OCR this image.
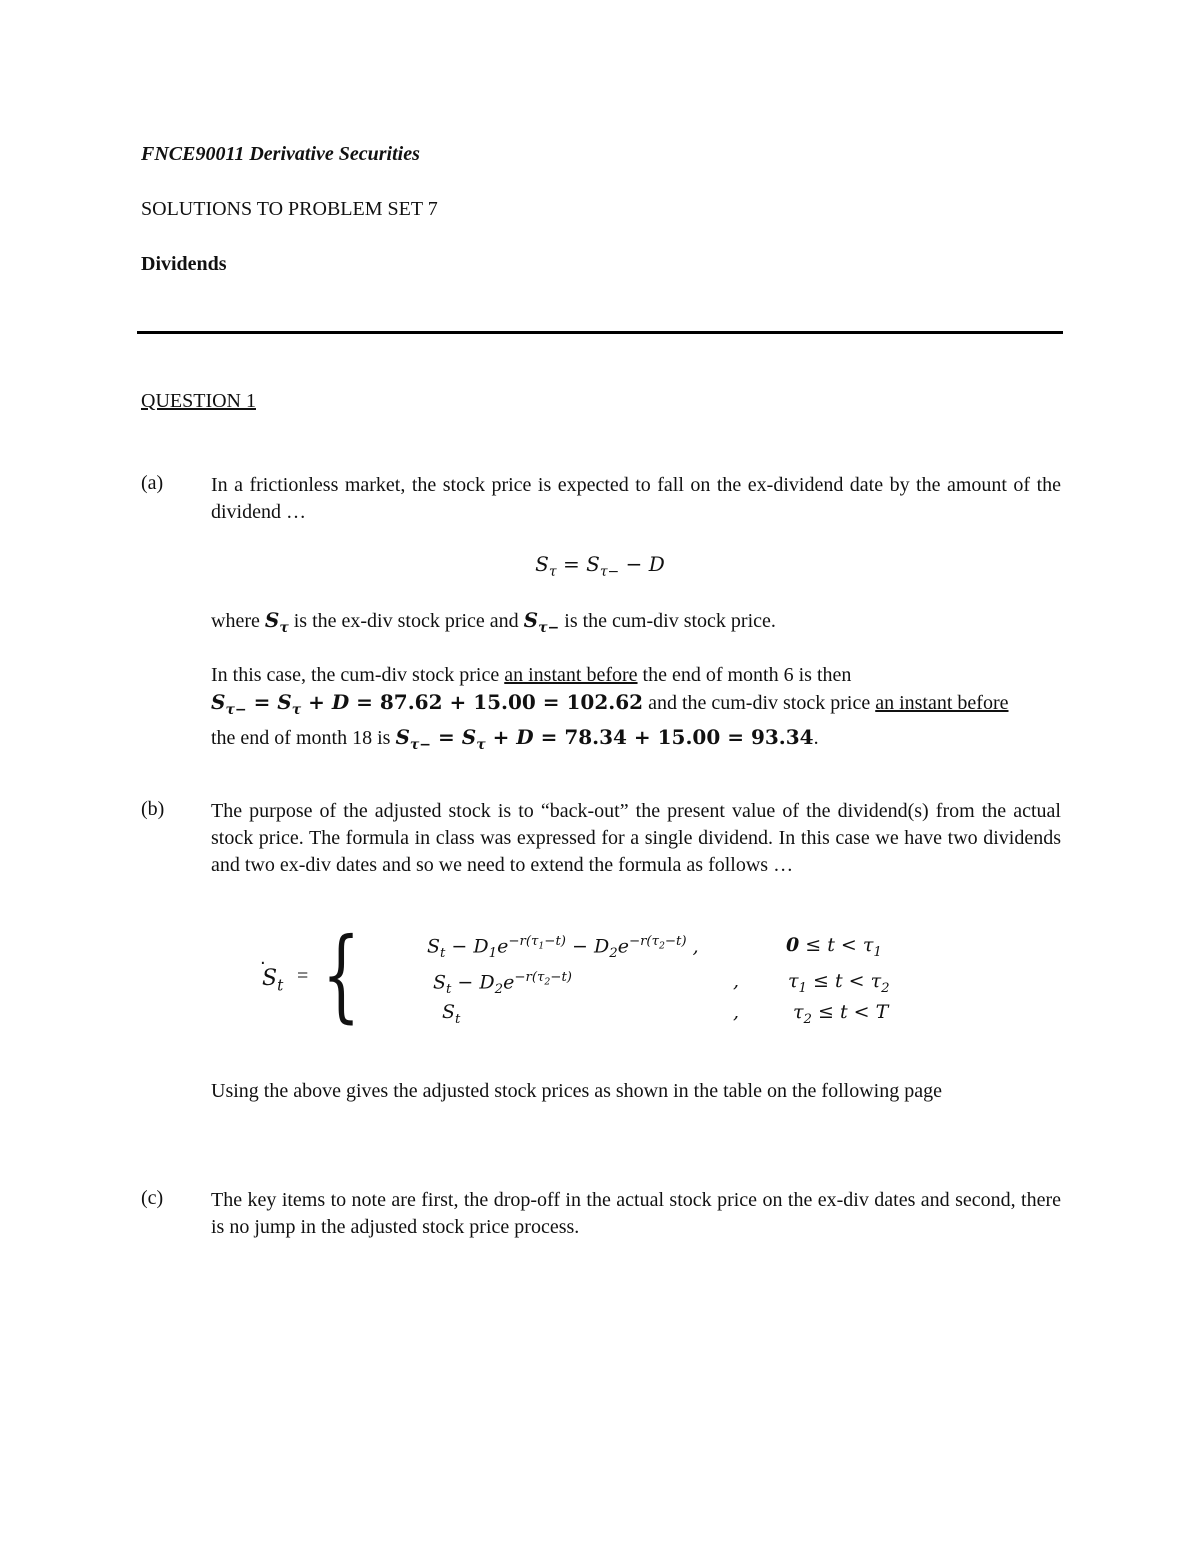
FNCE90011 Derivative Securities
SOLUTIONS TO PROBLEM SET 7
Dividends
QUESTION 1
(a) In a frictionless market, the stock price is expected to fall on the ex-dividend date by the amount of the dividend …
$S_\tau = S_{\tau-} - D$
where $S_\tau$ is the ex-div stock price and $S_{\tau-}$ is the cum-div stock price.
In this case, the cum-div stock price an instant before the end of month 6 is then
$S_{\tau-} = S_\tau + D = 87.62 + 15.00 = 102.62$ and the cum-div stock price an instant before
the end of month 18 is $S_{\tau-} = S_\tau + D = 78.34 + 15.00 = 93.34$.
(b) The purpose of the adjusted stock is to “back-out” the present value of the dividend(s) from the actual stock price. The formula in class was expressed for a single dividend. In this case we have two dividends and two ex-div dates and so we need to extend the formula as follows …
$S_t$
·
= {	$S_t - D_1e^{-r(\tau_1-t)} - D_2e^{-r(\tau_2-t)}$ ,	$0 \le t < \tau_1$
$S_t - D_2e^{-r(\tau_2-t)}$	,	$\tau_1 \le t < \tau_2$
$S_t$	,	$\tau_2 \le t < T$
Using the above gives the adjusted stock prices as shown in the table on the following page
(c) The key items to note are first, the drop-off in the actual stock price on the ex-div dates and second, there is no jump in the adjusted stock price process.
